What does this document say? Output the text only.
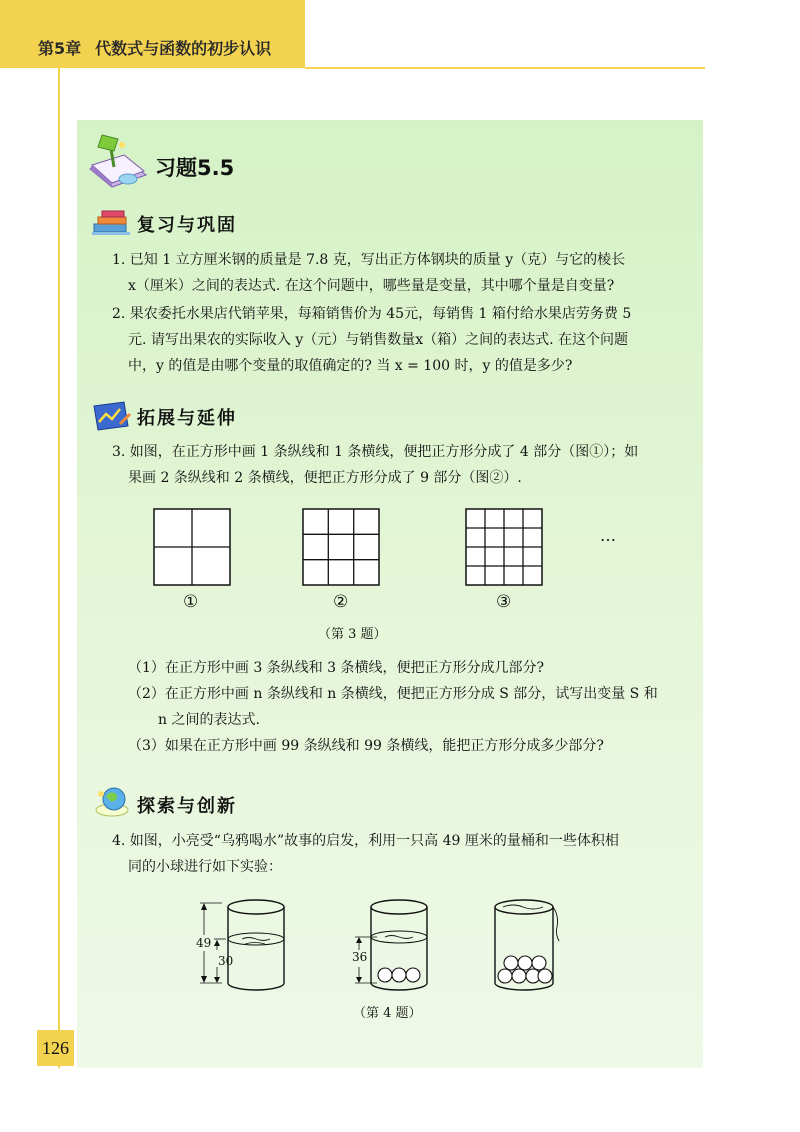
第5章 代数式与函数的初步认识
126
习题5.5
复习与巩固
1. 已知 1 立方厘米钢的质量是 7.8 克，写出正方体钢块的质量 y（克）与它的棱长
x（厘米）之间的表达式. 在这个问题中，哪些量是变量，其中哪个量是自变量?
2. 果农委托水果店代销苹果，每箱销售价为 45元，每销售 1 箱付给水果店劳务费 5
元. 请写出果农的实际收入 y（元）与销售数量x（箱）之间的表达式. 在这个问题
中，y 的值是由哪个变量的取值确定的? 当 x = 100 时，y 的值是多少?
拓展与延伸
3. 如图，在正方形中画 1 条纵线和 1 条横线，便把正方形分成了 4 部分（图①）；如
果画 2 条纵线和 2 条横线，便把正方形分成了 9 部分（图②）.
…
①	②	③
（第 3 题）
（1）在正方形中画 3 条纵线和 3 条横线，便把正方形分成几部分?
（2）在正方形中画 n 条纵线和 n 条横线，便把正方形分成 S 部分，试写出变量 S 和
n 之间的表达式.
（3）如果在正方形中画 99 条纵线和 99 条横线，能把正方形分成多少部分?
探索与创新
4. 如图，小亮受“乌鸦喝水”故事的启发，利用一只高 49 厘米的量桶和一些体积相
同的小球进行如下实验：
49
30	36
（第 4 题）
